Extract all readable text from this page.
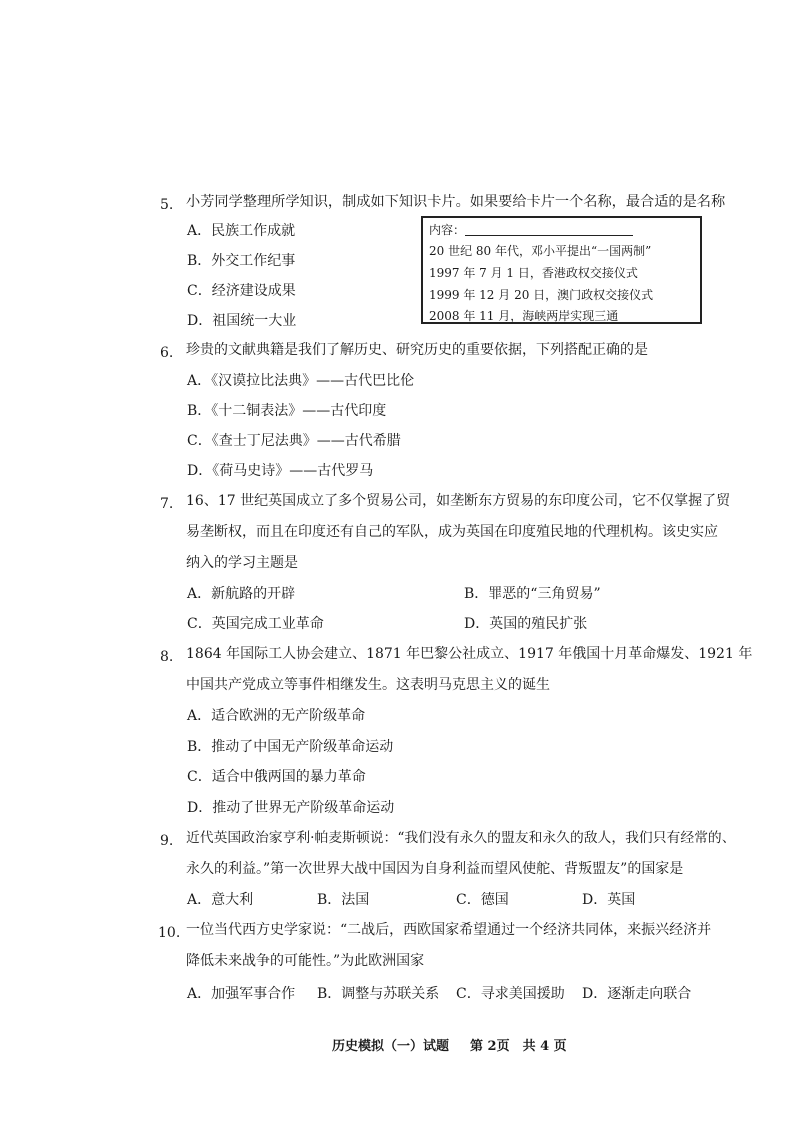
5. 小芳同学整理所学知识，制成如下知识卡片。如果要给卡片一个名称，最合适的是名称
A．民族工作成就
B．外交工作纪事
C．经济建设成果
D．祖国统一大业
内容：
20 世纪 80 年代，邓小平提出“一国两制”
1997 年 7 月 1 日，香港政权交接仪式
1999 年 12 月 20 日，澳门政权交接仪式
2008 年 11 月，海峡两岸实现三通
6. 珍贵的文献典籍是我们了解历史、研究历史的重要依据，下列搭配正确的是
A．《汉谟拉比法典》——古代巴比伦
B．《十二铜表法》——古代印度
C．《查士丁尼法典》——古代希腊
D．《荷马史诗》——古代罗马
7. 16、17 世纪英国成立了多个贸易公司，如垄断东方贸易的东印度公司，它不仅掌握了贸
易垄断权，而且在印度还有自己的军队，成为英国在印度殖民地的代理机构。该史实应
纳入的学习主题是
A．新航路的开辟	B．罪恶的“三角贸易”
C．英国完成工业革命	D．英国的殖民扩张
8. 1864 年国际工人协会建立、1871 年巴黎公社成立、1917 年俄国十月革命爆发、1921 年
中国共产党成立等事件相继发生。这表明马克思主义的诞生
A．适合欧洲的无产阶级革命
B．推动了中国无产阶级革命运动
C．适合中俄两国的暴力革命
D．推动了世界无产阶级革命运动
9. 近代英国政治家亨利·帕麦斯顿说：“我们没有永久的盟友和永久的敌人，我们只有经常的、
永久的利益。”第一次世界大战中国因为自身利益而望风使舵、背叛盟友”的国家是
A．意大利	B．法国	C．德国	D．英国
10. 一位当代西方史学家说：“二战后，西欧国家希望通过一个经济共同体，来振兴经济并
降低未来战争的可能性。”为此欧洲国家
A．加强军事合作 B．调整与苏联关系 C．寻求美国援助 D．逐渐走向联合
历史模拟（一）试题 第 2页　共 4 页
